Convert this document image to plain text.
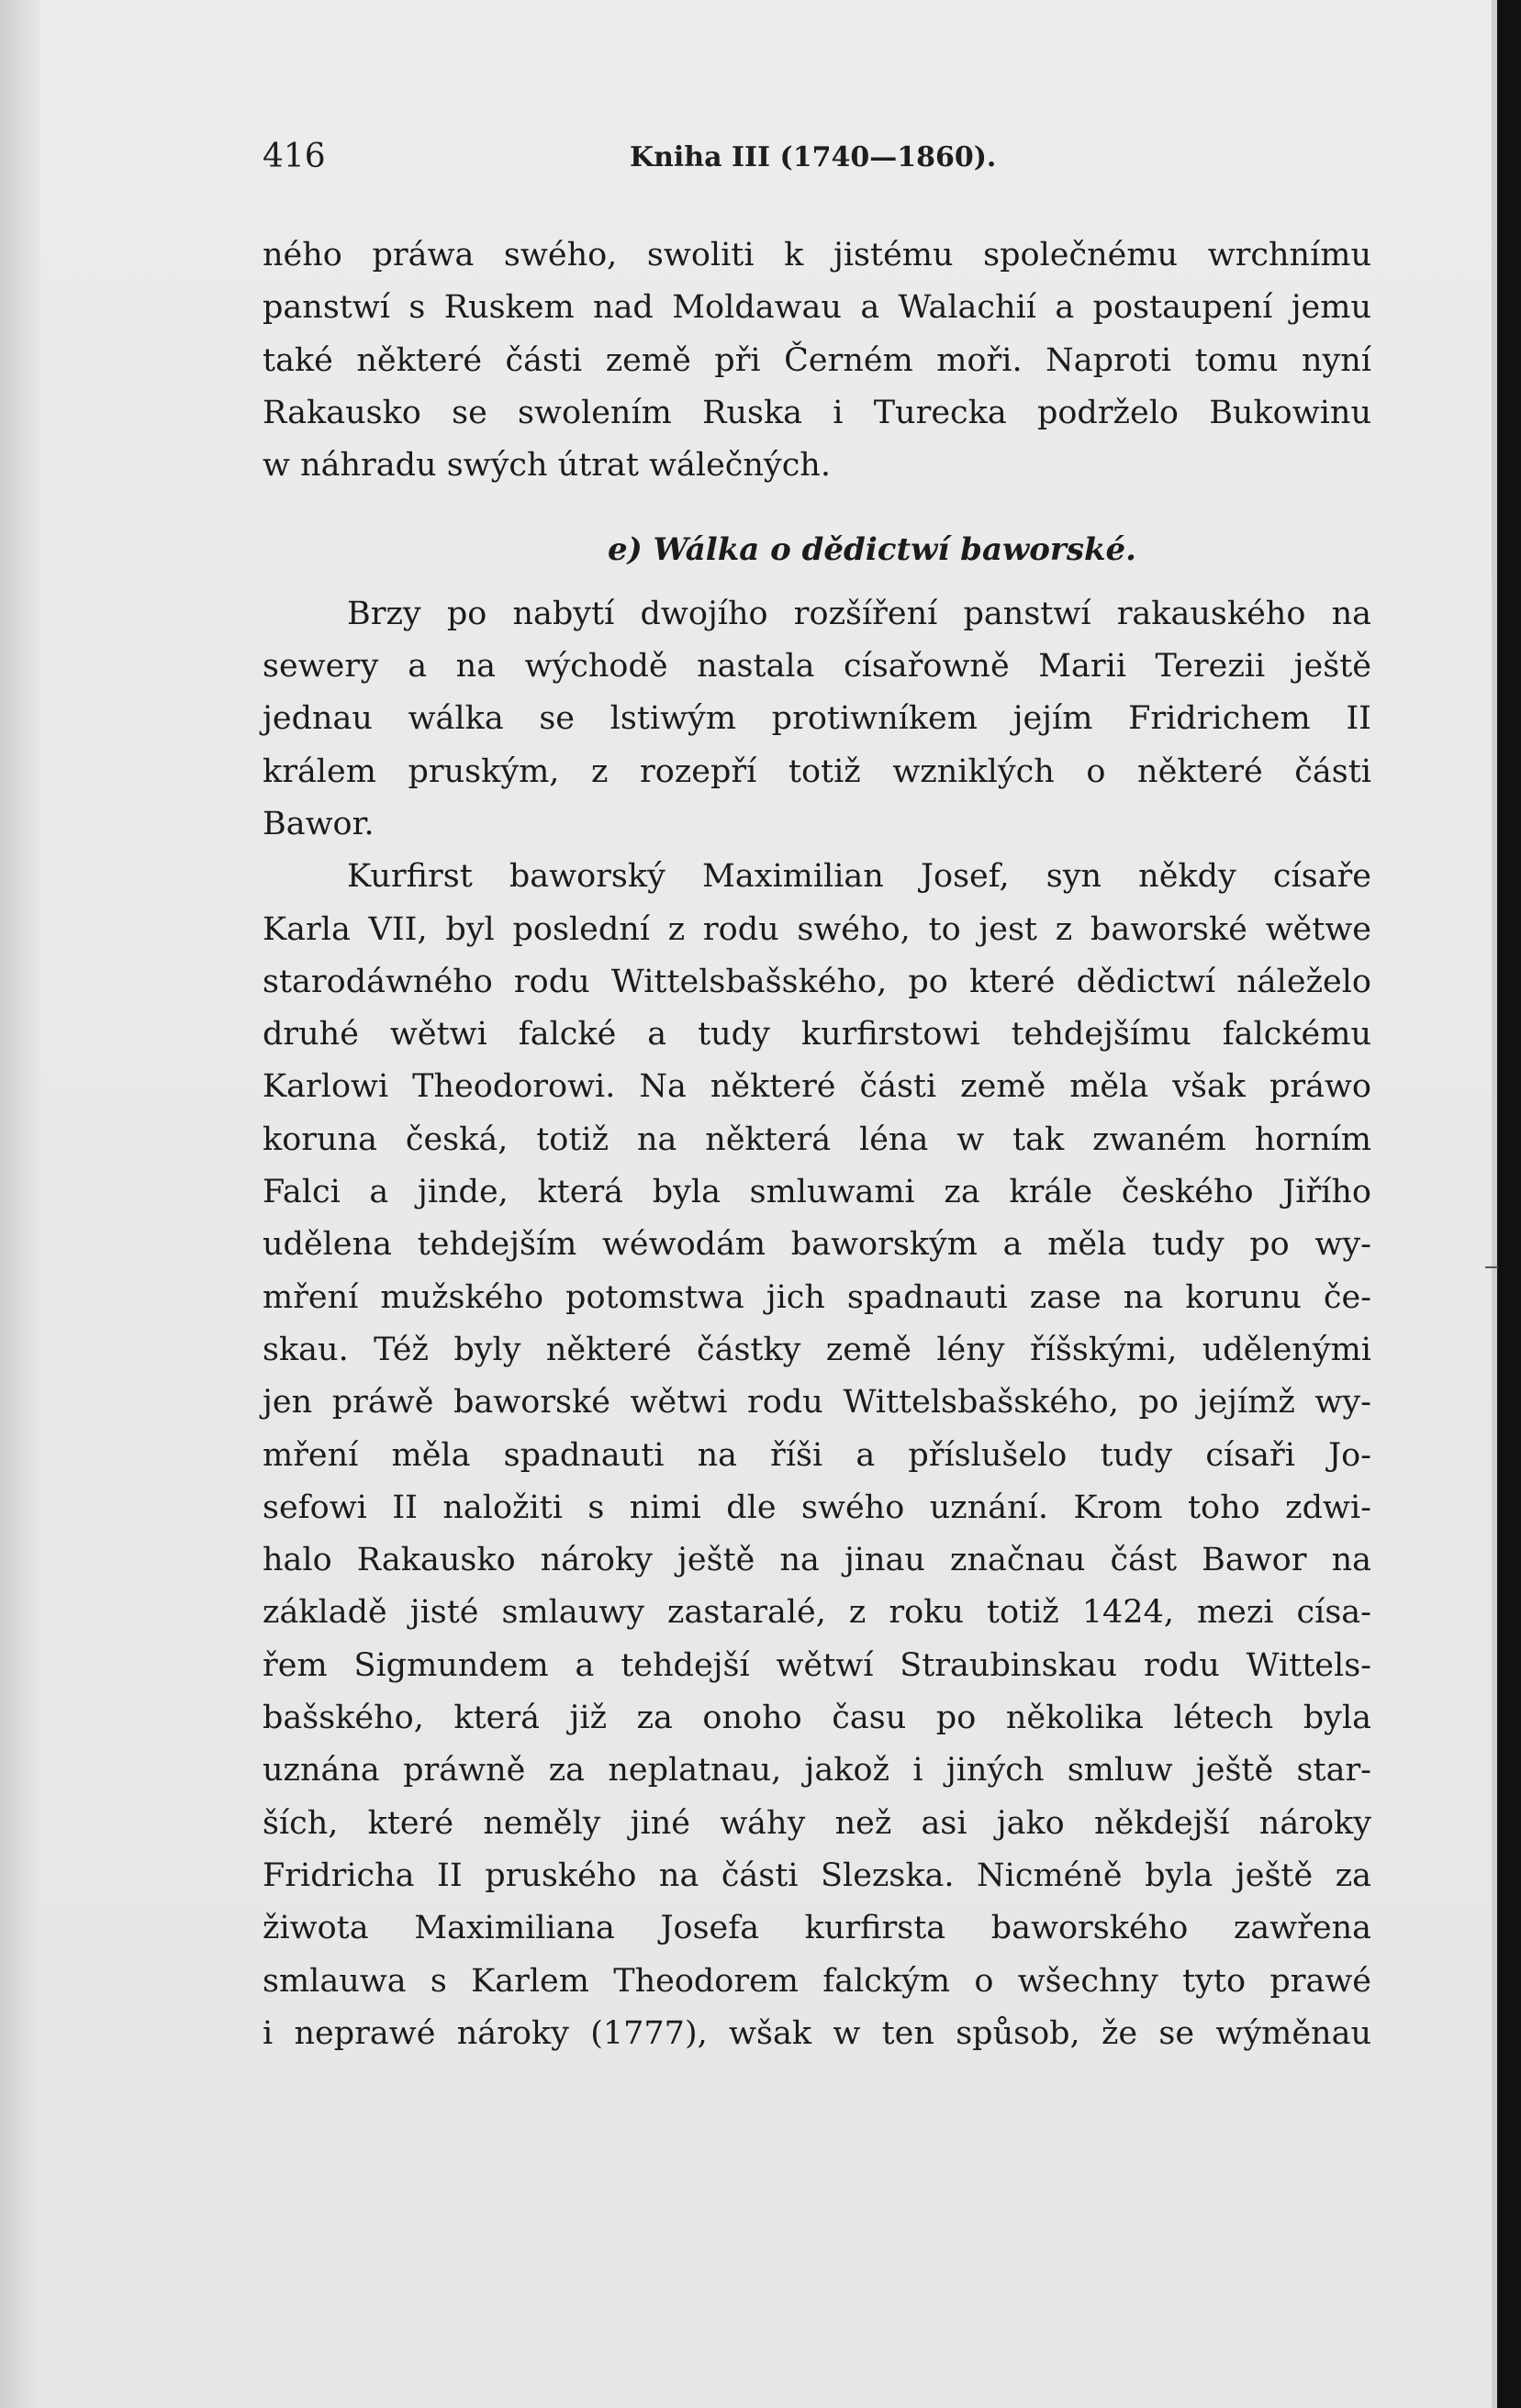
416	Kniha III (1740—1860).
ného práwa swého, swoliti k jistému společnému wrchnímu
panstwí s Ruskem nad Moldawau a Walachií a postaupení jemu
také některé části země při Černém moři. Naproti tomu nyní
Rakausko se swolením Ruska i Turecka podrželo Bukowinu
w náhradu swých útrat wálečných.
e) Wálka o dědictwí baworské.
Brzy po nabytí dwojího rozšíření panstwí rakauského na
sewerу a na wýchodě nastala císařowně Marii Terezii ještě
jednau wálka se lstiwým protiwníkem jejím Fridrichem II
králem pruským, z rozepří totiž wzniklých o některé části
Bawor.
Kurfirst baworský Maximilian Josef, syn někdy císaře
Karla VII, byl poslední z rodu swého, to jest z baworské wětwe
starodáwného rodu Wittelsbašského, po které dědictwí náleželo
druhé wětwi falcké a tudy kurfirstowi tehdejšímu falckému
Karlowi Theodorowi. Na některé části země měla však práwo
koruna česká, totiž na některá léna w tak zwaném horním
Falci a jinde, která byla smluwami za krále českého Jiřího
udělena tehdejším wéwodám baworským a měla tudy po wy-
mření mužského potomstwa jich spadnauti zase na korunu če-
skau. Též byly některé částky země lény říšskými, udělenými
jen práwě baworské wětwi rodu Wittelsbašského, po jejímž wy-
mření měla spadnauti na říši a příslušelo tudy císaři Jo-
sefowi II naložiti s nimi dle swého uznání. Krom toho zdwi-
halo Rakausko nároky ještě na jinau značnau část Bawor na
základě jisté smlauwy zastaralé, z roku totiž 1424, mezi císa-
řem Sigmundem a tehdejší wětwí Straubinskau rodu Wittels-
bašského, která již za onoho času po několika létech byla
uznána práwně za neplatnau, jakož i jiných smluw ještě star-
ších, které neměly jiné wáhy než asi jako někdejší nároky
Fridricha II pruského na části Slezska. Nicméně byla ještě za
žiwota Maximiliana Josefa kurfirsta baworského zawřena
smlauwa s Karlem Theodorem falckým o wšechny tyto prawé
i neprawé nároky (1777), wšak w ten spůsob, že se wýměnau
